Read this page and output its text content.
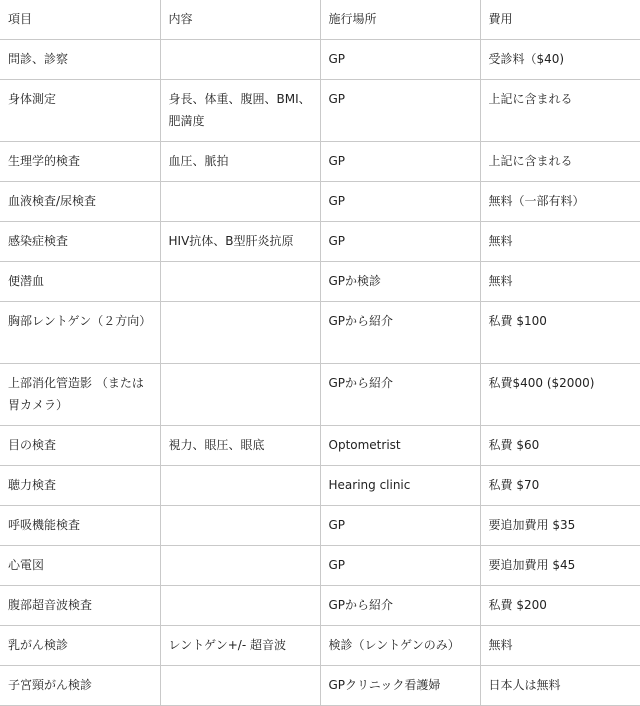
項目	内容	施行場所	費用
問診、診察		GP	受診料（$40)
身体測定	身長、体重、腹囲、BMI、肥満度	GP	上記に含まれる
生理学的検査	血圧、脈拍	GP	上記に含まれる
血液検査/尿検査		GP	無料（一部有料）
感染症検査	HIV抗体、B型肝炎抗原	GP	無料
便潜血		GPか検診	無料
胸部レントゲン（２方向）		GPから紹介	私費 $100
上部消化管造影 （または胃カメラ）		GPから紹介	私費$400 ($2000)
目の検査	視力、眼圧、眼底	Optometrist	私費 $60
聴力検査		Hearing clinic	私費 $70
呼吸機能検査		GP	要追加費用 $35
心電図		GP	要追加費用 $45
腹部超音波検査		GPから紹介	私費 $200
乳がん検診	レントゲン+/- 超音波	検診（レントゲンのみ）	無料
子宮頸がん検診		GPクリニック看護婦	日本人は無料
